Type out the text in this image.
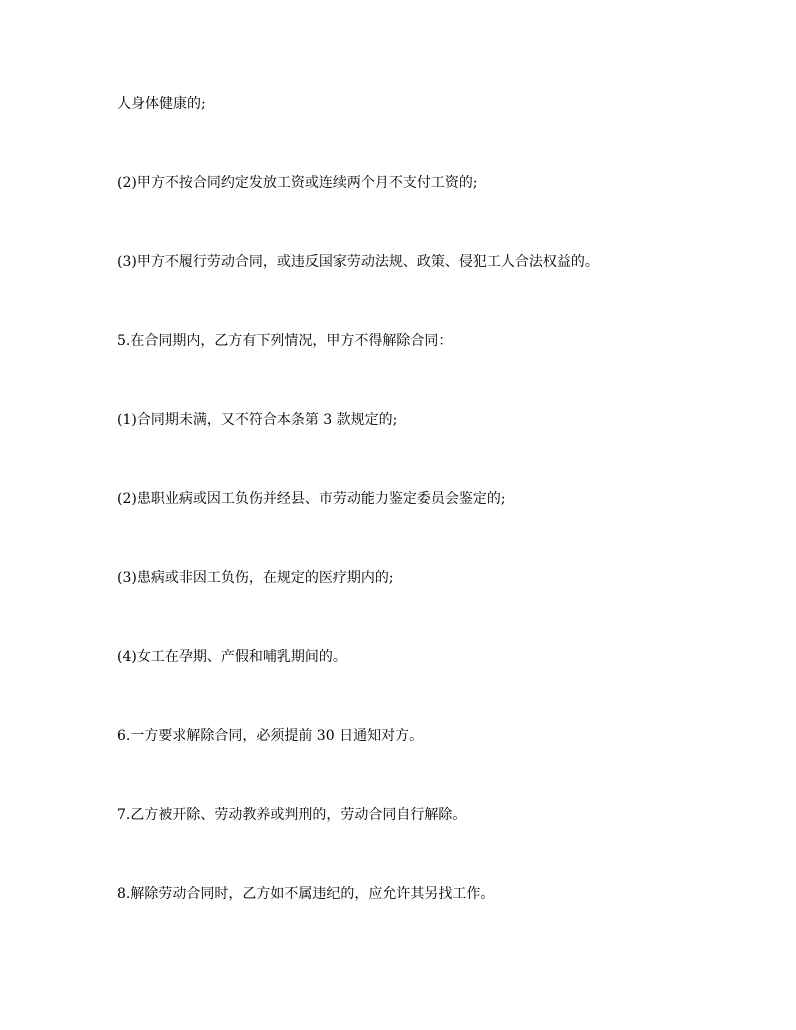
人身体健康的;

(2)甲方不按合同约定发放工资或连续两个月不支付工资的;

(3)甲方不履行劳动合同，或违反国家劳动法规、政策、侵犯工人合法权益的。

5.在合同期内，乙方有下列情况，甲方不得解除合同：

(1)合同期未满，又不符合本条第 3 款规定的;

(2)患职业病或因工负伤并经县、市劳动能力鉴定委员会鉴定的;

(3)患病或非因工负伤，在规定的医疗期内的;

(4)女工在孕期、产假和哺乳期间的。

6.一方要求解除合同，必须提前 30 日通知对方。

7.乙方被开除、劳动教养或判刑的，劳动合同自行解除。

8.解除劳动合同时，乙方如不属违纪的，应允许其另找工作。
